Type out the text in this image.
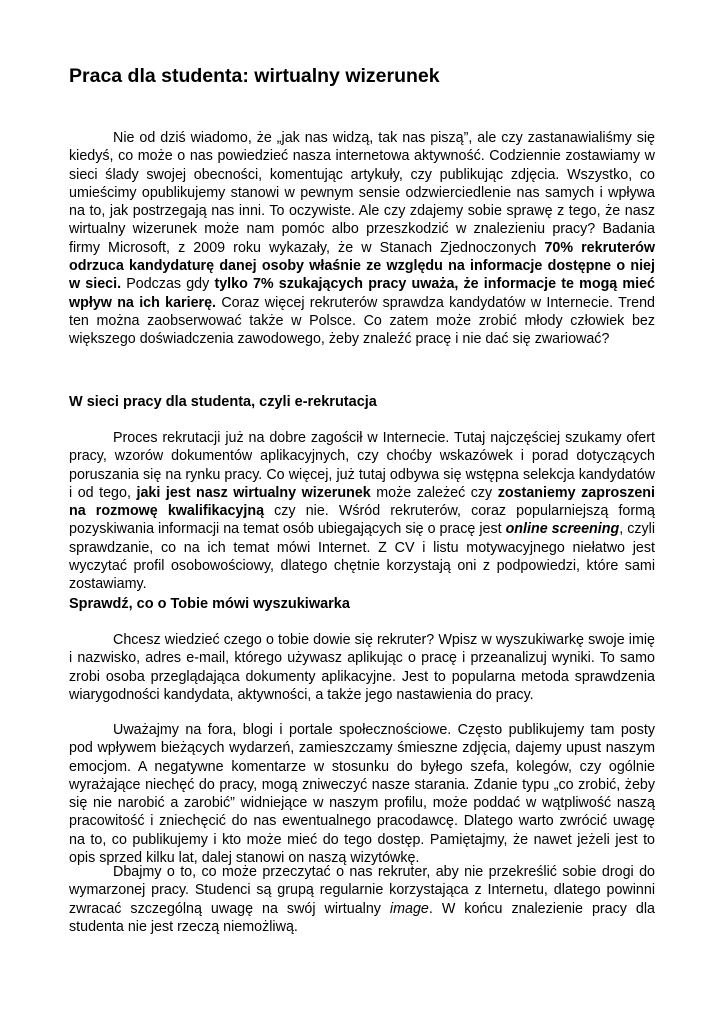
Praca dla studenta: wirtualny wizerunek

Nie od dziś wiadomo, że „jak nas widzą, tak nas piszą”, ale czy zastanawialiśmy się kiedyś, co może o nas powiedzieć nasza internetowa aktywność. Codziennie zostawiamy w sieci ślady swojej obecności, komentując artykuły, czy publikując zdjęcia. Wszystko, co umieścimy opublikujemy stanowi w pewnym sensie odzwierciedlenie nas samych i wpływa na to, jak postrzegają nas inni. To oczywiste. Ale czy zdajemy sobie sprawę z tego, że nasz wirtualny wizerunek może nam pomóc albo przeszkodzić w znalezieniu pracy? Badania firmy Microsoft, z 2009 roku wykazały, że w Stanach Zjednoczonych 70% rekruterów odrzuca kandydaturę danej osoby właśnie ze względu na informacje dostępne o niej w sieci. Podczas gdy tylko 7% szukających pracy uważa, że informacje te mogą mieć wpływ na ich karierę. Coraz więcej rekruterów sprawdza kandydatów w Internecie. Trend ten można zaobserwować także w Polsce. Co zatem może zrobić młody człowiek bez większego doświadczenia zawodowego, żeby znaleźć pracę i nie dać się zwariować?

W sieci pracy dla studenta, czyli e-rekrutacja

Proces rekrutacji już na dobre zagościł w Internecie. Tutaj najczęściej szukamy ofert pracy, wzorów dokumentów aplikacyjnych, czy choćby wskazówek i porad dotyczących poruszania się na rynku pracy. Co więcej, już tutaj odbywa się wstępna selekcja kandydatów i od tego, jaki jest nasz wirtualny wizerunek może zależeć czy zostaniemy zaproszeni na rozmowę kwalifikacyjną czy nie. Wśród rekruterów, coraz popularniejszą formą pozyskiwania informacji na temat osób ubiegających się o pracę jest online screening, czyli sprawdzanie, co na ich temat mówi Internet. Z CV i listu motywacyjnego niełatwo jest wyczytać profil osobowościowy, dlatego chętnie korzystają oni z podpowiedzi, które sami zostawiamy.

Sprawdź, co o Tobie mówi wyszukiwarka

Chcesz wiedzieć czego o tobie dowie się rekruter? Wpisz w wyszukiwarkę swoje imię i nazwisko, adres e-mail, którego używasz aplikując o pracę i przeanalizuj wyniki. To samo zrobi osoba przeglądająca dokumenty aplikacyjne. Jest to popularna metoda sprawdzenia wiarygodności kandydata, aktywności, a także jego nastawienia do pracy.

Uważajmy na fora, blogi i portale społecznościowe. Często publikujemy tam posty pod wpływem bieżących wydarzeń, zamieszczamy śmieszne zdjęcia, dajemy upust naszym emocjom. A negatywne komentarze w stosunku do byłego szefa, kolegów, czy ogólnie wyrażające niechęć do pracy, mogą zniweczyć nasze starania. Zdanie typu „co zrobić, żeby się nie narobić a zarobić” widniejące w naszym profilu, może poddać w wątpliwość naszą pracowitość i zniechęcić do nas ewentualnego pracodawcę. Dlatego warto zwrócić uwagę na to, co publikujemy i kto może mieć do tego dostęp. Pamiętajmy, że nawet jeżeli jest to opis sprzed kilku lat, dalej stanowi on naszą wizytówkę.

Dbajmy o to, co może przeczytać o nas rekruter, aby nie przekreślić sobie drogi do wymarzonej pracy. Studenci są grupą regularnie korzystająca z Internetu, dlatego powinni zwracać szczególną uwagę na swój wirtualny image. W końcu znalezienie pracy dla studenta nie jest rzeczą niemożliwą.
